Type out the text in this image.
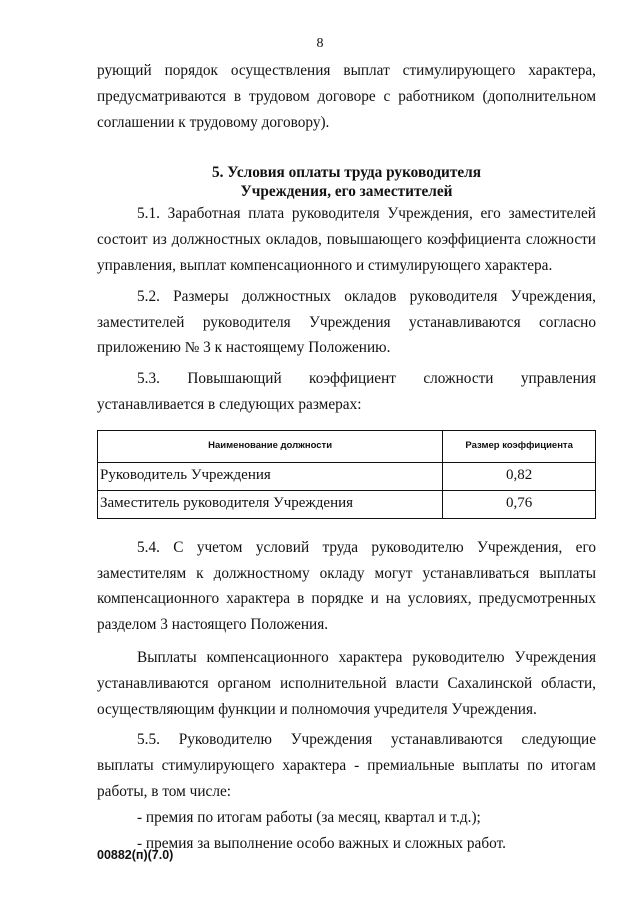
8

рующий порядок осуществления выплат стимулирующего характера, предусматриваются в трудовом договоре с работником (дополнительном соглашении к трудовому договору).

5. Условия оплаты труда руководителя
Учреждения, его заместителей

5.1. Заработная плата руководителя Учреждения, его заместителей состоит из должностных окладов, повышающего коэффициента сложности управления, выплат компенсационного и стимулирующего характера.

5.2. Размеры должностных окладов руководителя Учреждения, заместителей руководителя Учреждения устанавливаются согласно приложению № 3 к настоящему Положению.

5.3. Повышающий коэффициент сложности управления устанавливается в следующих размерах:

Наименование должности	Размер коэффициента
Руководитель Учреждения	0,82
Заместитель руководителя Учреждения	0,76

5.4. С учетом условий труда руководителю Учреждения, его заместителям к должностному окладу могут устанавливаться выплаты компенсационного характера в порядке и на условиях, предусмотренных разделом 3 настоящего Положения.

Выплаты компенсационного характера руководителю Учреждения устанавливаются органом исполнительной власти Сахалинской области, осуществляющим функции и полномочия учредителя Учреждения.

5.5. Руководителю Учреждения устанавливаются следующие выплаты стимулирующего характера - премиальные выплаты по итогам работы, в том числе:

- премия по итогам работы (за месяц, квартал и т.д.);

- премия за выполнение особо важных и сложных работ.

00882(п)(7.0)
